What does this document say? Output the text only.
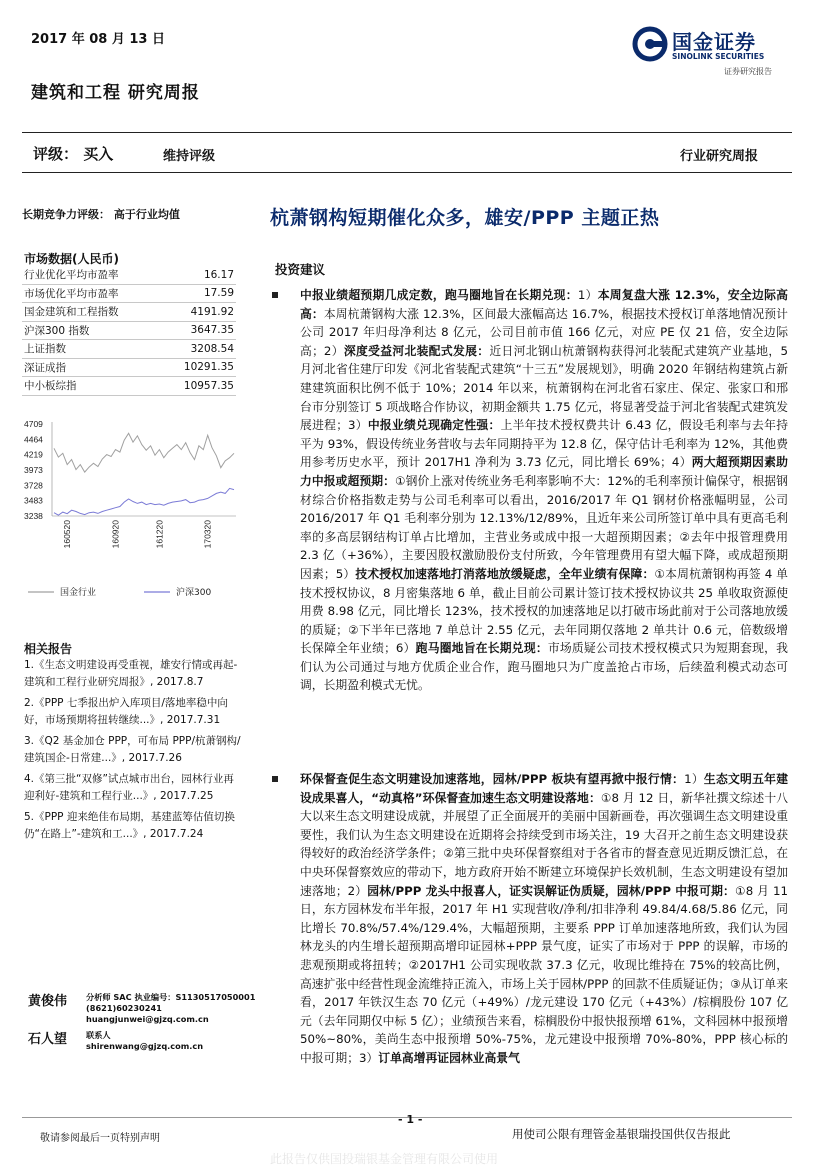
2017 年 08 月 13 日	国金证券
SINOLINK SECURITIES
证券研究报告
建筑和工程 研究周报
评级： 买入	维持评级	行业研究周报
长期竞争力评级： 高于行业均值
市场数据(人民币)
行业优化平均市盈率	16.17
市场优化平均市盈率	17.59
国金建筑和工程指数	4191.92
沪深300 指数	3647.35
上证指数	3208.54
深证成指	10291.35
中小板综指	10957.35
4709
4464
4219
3973
3728
3483
3238
160520	160920	161220	170320
国金行业	沪深300
相关报告
1.《生态文明建设再受重视，雄安行情或再起-建筑和工程行业研究周报》, 2017.8.7
2.《PPP 七季报出炉入库项目/落地率稳中向好，市场预期将扭转继续...》, 2017.7.31
3.《Q2 基金加仓 PPP，可布局 PPP/杭萧钢构/建筑国企-日常建...》, 2017.7.26
4.《第三批“双修”试点城市出台，园林行业再迎利好-建筑和工程行业...》, 2017.7.25
5.《PPP 迎来绝佳布局期，基建蓝筹估值切换仍“在路上”-建筑和工...》, 2017.7.24
黄俊伟 分析师 SAC 执业编号：S1130517050001
(8621)60230241
huangjunwei@gjzq.com.cn
石人望 联系人
shirenwang@gjzq.com.cn
杭萧钢构短期催化众多，雄安/PPP 主题正热
投资建议
中报业绩超预期几成定数，跑马圈地旨在长期兑现：1）本周复盘大涨 12.3%，安全边际高高：本周杭萧钢构大涨 12.3%，区间最大涨幅高达 16.7%，根据技术授权订单落地情况预计公司 2017 年归母净利达 8 亿元，公司目前市值 166 亿元，对应 PE 仅 21 倍，安全边际高；2）深度受益河北装配式发展：近日河北钢山杭萧钢构获得河北装配式建筑产业基地，5 月河北省住建厅印发《河北省装配式建筑“十三五”发展规划》，明确 2020 年钢结构建筑占新建建筑面积比例不低于 10%；2014 年以来，杭萧钢构在河北省石家庄、保定、张家口和邢台市分别签订 5 项战略合作协议，初期金额共 1.75 亿元，将显著受益于河北省装配式建筑发展进程；3）中报业绩兑现确定性强：上半年技术授权费共计 6.43 亿，假设毛利率与去年持平为 93%，假设传统业务营收与去年同期持平为 12.8 亿，保守估计毛利率为 12%，其他费用参考历史水平，预计 2017H1 净利为 3.73 亿元，同比增长 69%；4）两大超预期因素助力中报或超预期：①钢价上涨对传统业务毛利率影响不大：12%的毛利率预计偏保守，根据钢材综合价格指数走势与公司毛利率可以看出，2016/2017 年 Q1 钢材价格涨幅明显，公司 2016/2017 年 Q1 毛利率分别为 12.13%/12/89%，且近年来公司所签订单中具有更高毛利率的多高层钢结构订单占比增加，主营业务或成中报一大超预期因素；②去年中报管理费用 2.3 亿（+36%），主要因股权激励股份支付所致，今年管理费用有望大幅下降，或成超预期因素；5）技术授权加速落地打消落地放缓疑虑，全年业绩有保障：①本周杭萧钢构再签 4 单技术授权协议，8 月密集落地 6 单，截止目前公司累计签订技术授权协议共 25 单收取资源使用费 8.98 亿元，同比增长 123%，技术授权的加速落地足以打破市场此前对于公司落地放缓的质疑；②下半年已落地 7 单总计 2.55 亿元，去年同期仅落地 2 单共计 0.6 元，倍数级增长保障全年业绩；6）跑马圈地旨在长期兑现：市场质疑公司技术授权模式只为短期套现，我们认为公司通过与地方优质企业合作，跑马圈地只为广度盖抢占市场，后续盈利模式动态可调，长期盈利模式无忧。
环保督查促生态文明建设加速落地，园林/PPP 板块有望再掀中报行情：1）生态文明五年建设成果喜人，“动真格”环保督查加速生态文明建设落地：①8 月 12 日，新华社撰文综述十八大以来生态文明建设成就，并展望了正全面展开的美丽中国新画卷，再次强调生态文明建设重要性，我们认为生态文明建设在近期将会持续受到市场关注，19 大召开之前生态文明建设获得较好的政治经济学条件；②第三批中央环保督察组对于各省市的督查意见近期反馈汇总，在中央环保督察效应的带动下，地方政府开始不断建立环境保护长效机制，生态文明建设有望加速落地；2）园林/PPP 龙头中报喜人，证实误解证伪质疑，园林/PPP 中报可期：①8 月 11 日，东方园林发布半年报，2017 年 H1 实现营收/净利/扣非净利 49.84/4.68/5.86 亿元，同比增长 70.8%/57.4%/129.4%，大幅超预期，主要系 PPP 订单加速落地所致，我们认为园林龙头的内生增长超预期高增印证园林+PPP 景气度，证实了市场对于 PPP 的误解，市场的悲观预期或将扭转；②2017H1 公司实现收款 37.3 亿元，收现比维持在 75%的较高比例，高速扩张中经营性现金流维持正流入，市场上关于园林/PPP 的回款不佳质疑证伪；③从订单来看，2017 年铁汉生态 70 亿元（+49%）/龙元建设 170 亿元（+43%）/棕榈股份 107 亿元（去年同期仅中标 5 亿）；业绩预告来看，棕榈股份中报快报预增 61%，文科园林中报预增 50%~80%，美尚生态中报预增 50%-75%，龙元建设中报预增 70%-80%，PPP 核心标的中报可期；3）订单高增再证园林业高景气
- 1 -
敬请参阅最后一页特别声明	用使司公限有理管金基银瑞投国供仅告报此
此报告仅供国投瑞银基金管理有限公司使用
